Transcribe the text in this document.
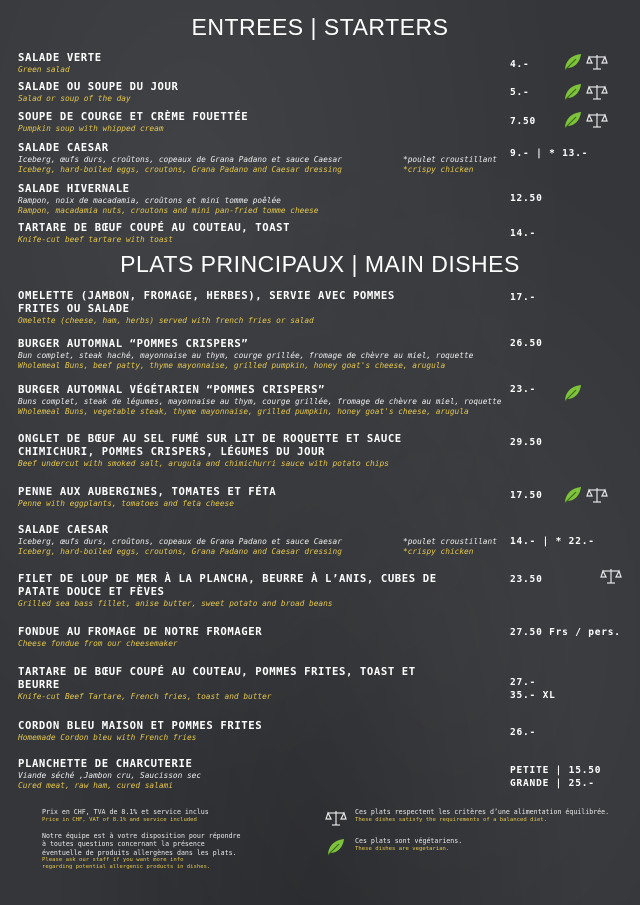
ENTREES | STARTERS
SALADE VERTE
Green salad	4.-
SALADE OU SOUPE DU JOUR
Salad or soup of the day
5.-
SOUPE DE COURGE ET CRÈME FOUETTÉE
Pumpkin soup with whipped cream
7.50
SALADE CAESAR
Iceberg, œufs durs, croûtons, copeaux de Grana Padano et sauce Caesar	*poulet croustillant
Iceberg, hard-boiled eggs, croutons, Grana Padano and Caesar dressing	*crispy chicken
9.- | * 13.-
SALADE HIVERNALE
Rampon, noix de macadamia, croûtons et mini tomme poêlée
Rampon, macadamia nuts, croutons and mini pan-fried tomme cheese
12.50
TARTARE DE BŒUF COUPÉ AU COUTEAU, TOAST
Knife-cut beef tartare with toast
14.-
PLATS PRINCIPAUX | MAIN DISHES
OMELETTE (JAMBON, FROMAGE, HERBES), SERVIE AVEC POMMES
FRITES OU SALADE
Omelette (cheese, ham, herbs) served with french fries or salad
17.-
BURGER AUTOMNAL “POMMES CRISPERS”
Bun complet, steak haché, mayonnaise au thym, courge grillée, fromage de chèvre au miel, roquette
Wholemeal Buns, beef patty, thyme mayonnaise, grilled pumpkin, honey goat's cheese, arugula
26.50
BURGER AUTOMNAL VÉGÉTARIEN “POMMES CRISPERS”
Buns complet, steak de légumes, mayonnaise au thym, courge grillée, fromage de chèvre au miel, roquette
Wholemeal Buns, vegetable steak, thyme mayonnaise, grilled pumpkin, honey goat's cheese, arugula
23.-
ONGLET DE BŒUF AU SEL FUMÉ SUR LIT DE ROQUETTE ET SAUCE
CHIMICHURI, POMMES CRISPERS, LÉGUMES DU JOUR
Beef undercut with smoked salt, arugula and chimichurri sauce with potato chips
29.50
PENNE AUX AUBERGINES, TOMATES ET FÉTA
Penne with eggplants, tomatoes and feta cheese
17.50
SALADE CAESAR
Iceberg, œufs durs, croûtons, copeaux de Grana Padano et sauce Caesar	*poulet croustillant
Iceberg, hard-boiled eggs, croutons, Grana Padano and Caesar dressing	*crispy chicken
14.- | * 22.-
FILET DE LOUP DE MER À LA PLANCHA, BEURRE À L’ANIS, CUBES DE
PATATE DOUCE ET FÈVES
Grilled sea bass fillet, anise butter, sweet potato and broad beans
23.50
FONDUE AU FROMAGE DE NOTRE FROMAGER
Cheese fondue from our cheesemaker
27.50 Frs / pers.
TARTARE DE BŒUF COUPÉ AU COUTEAU, POMMES FRITES, TOAST ET
BEURRE
Knife-cut Beef Tartare, French fries, toast and butter
27.-
35.- XL
CORDON BLEU MAISON ET POMMES FRITES
Homemade Cordon bleu with French fries	26.-
PLANCHETTE DE CHARCUTERIE
Viande séché ,Jambon cru, Saucisson sec
Cured meat, raw ham, cured salami
PETITE | 15.50
GRANDE | 25.-
Prix en CHF, TVA de 8.1% et service inclus
Price in CHF, VAT of 8.1% and service included
Notre équipe est à votre disposition pour répondre
à toutes questions concernant la présence
éventuelle de produits allergènes dans les plats.
Please ask our staff if you want more info
regarding potential allergenic products in dishes.
Ces plats respectent les critères d’une alimentation équilibrée.
These dishes satisfy the requirements of a balanced diet.
Ces plats sont végétariens.
These dishes are vegetarian.
